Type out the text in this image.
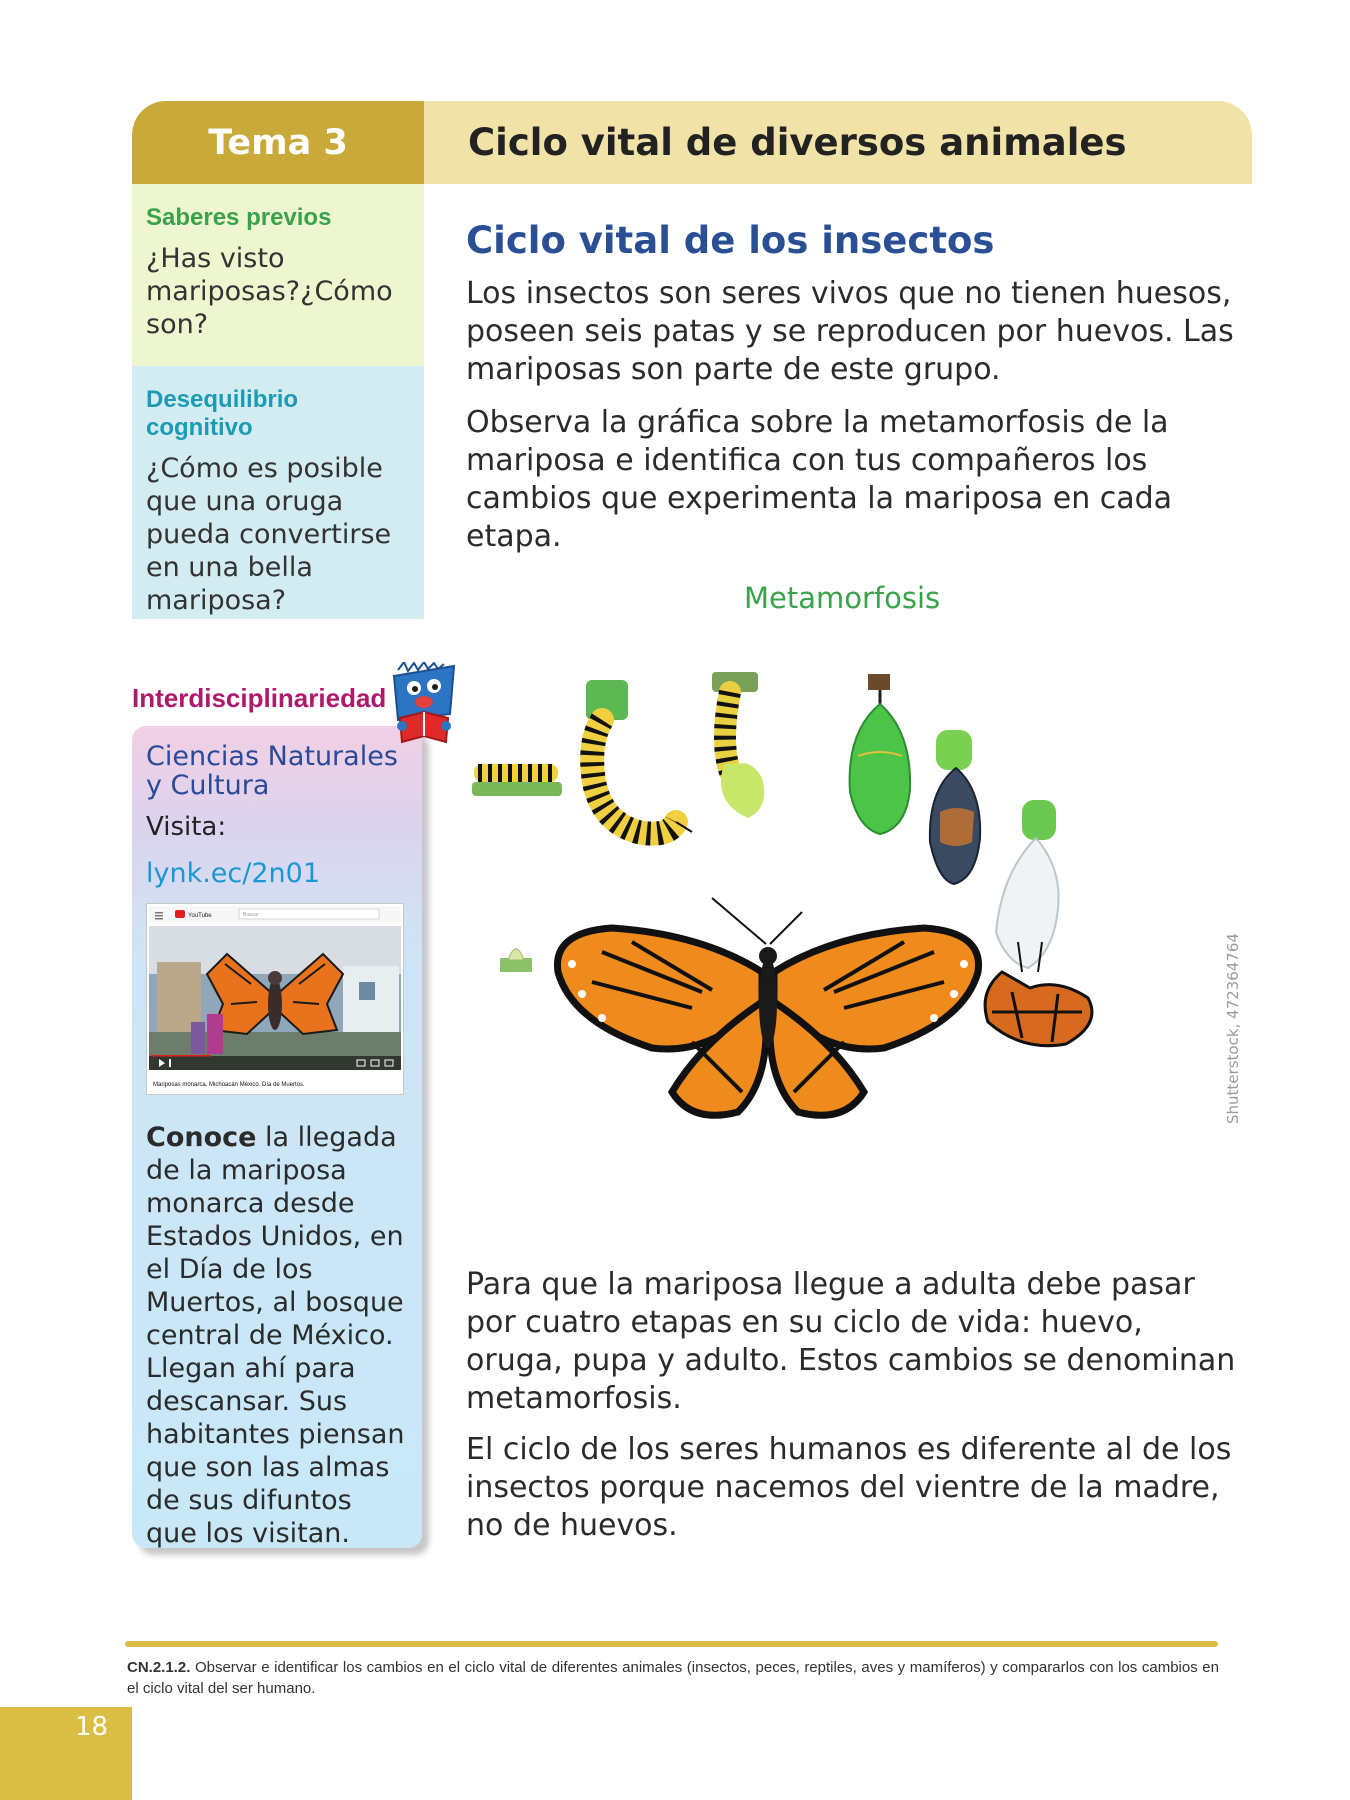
Tema 3	Ciclo vital de diversos animales
Saberes previos
¿Has visto mariposas?¿Cómo son?
Desequilibrio cognitivo
¿Cómo es posible que una oruga pueda convertirse en una bella mariposa?
Ciencias Naturales y Cultura
Visita:
lynk.ec/2n01
YouTube	Buscar
Mariposas monarca, Michoacán México. Día de Muertos.
Conoce la llegada de la mariposa monarca desde Estados Unidos, en el Día de los Muertos, al bosque central de México. Llegan ahí para descansar. Sus habitantes piensan que son las almas de sus difuntos que los visitan.
Interdisciplinariedad
Ciclo vital de los insectos
Los insectos son seres vivos que no tienen huesos, poseen seis patas y se reproducen por huevos. Las mariposas son parte de este grupo.
Observa la gráfica sobre la metamorfosis de la mariposa e identifica con tus compañeros los cambios que experimenta la mariposa en cada etapa.
Metamorfosis
Shutterstock, 472364764
Para que la mariposa llegue a adulta debe pasar por cuatro etapas en su ciclo de vida: huevo, oruga, pupa y adulto. Estos cambios se denominan metamorfosis.
El ciclo de los seres humanos es diferente al de los insectos porque nacemos del vientre de la madre, no de huevos.
CN.2.1.2. Observar e identificar los cambios en el ciclo vital de diferentes animales (insectos, peces, reptiles, aves y mamíferos) y compararlos con los cambios en el ciclo vital del ser humano.
18
